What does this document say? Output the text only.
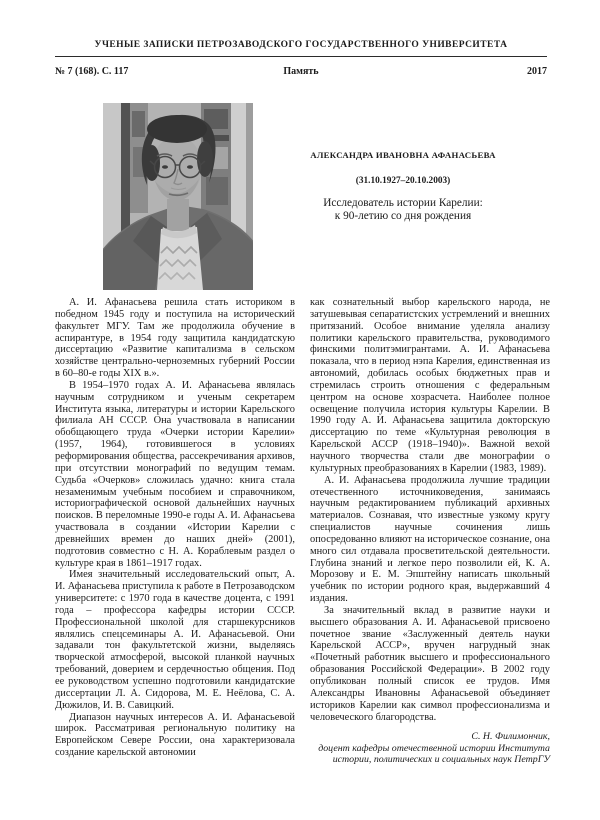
УЧЕНЫЕ ЗАПИСКИ ПЕТРОЗАВОДСКОГО ГОСУДАРСТВЕННОГО УНИВЕРСИТЕТА
№ 7 (168). С. 117	Память	2017
АЛЕКСАНДРА ИВАНОВНА АФАНАСЬЕВА
(31.10.1927–20.10.2003)
Исследователь истории Карелии:
к 90-летию со дня рождения

А. И. Афанасьева решила стать историком в победном 1945 году и поступила на исторический факультет МГУ. Там же продолжила обучение в аспирантуре, в 1954 году защитила кандидатскую диссертацию «Развитие капитализма в сельском хозяйстве центрально-черноземных губерний России в 60–80-е годы XIX в.».

В 1954–1970 годах А. И. Афанасьева являлась научным сотрудником и ученым секретарем Института языка, литературы и истории Карельского филиала АН СССР. Она участвовала в написании обобщающего труда «Очерки истории Карелии» (1957, 1964), готовившегося в условиях реформирования общества, рассекречивания архивов, при отсутствии монографий по ведущим темам. Судьба «Очерков» сложилась удачно: книга стала незаменимым учебным пособием и справочником, историографической основой дальнейших научных поисков. В переломные 1990-е годы А. И. Афанасьева участвовала в создании «Истории Карелии с древнейших времен до наших дней» (2001), подготовив совместно с Н. А. Кораблевым раздел о культуре края в 1861–1917 годах.

Имея значительный исследовательский опыт, А. И. Афанасьева приступила к работе в Петрозаводском университете: с 1970 года в качестве доцента, с 1991 года – профессора кафедры истории СССР. Профессиональной школой для старшекурсников являлись спецсеминары А. И. Афанасьевой. Они задавали тон факультетской жизни, выделяясь творческой атмосферой, высокой планкой научных требований, доверием и сердечностью общения. Под ее руководством успешно подготовили кандидатские диссертации Л. А. Сидорова, М. Е. Неёлова, С. А. Дюжилов, И. В. Савицкий.

Диапазон научных интересов А. И. Афанасьевой широк. Рассматривая региональную политику на Европейском Севере России, она характеризовала создание карельской автономии

как сознательный выбор карельского народа, не затушевывая сепаратистских устремлений и внешних притязаний. Особое внимание уделяла анализу политики карельского правительства, руководимого финскими политэмигрантами. А. И. Афанасьева показала, что в период нэпа Карелия, единственная из автономий, добилась особых бюджетных прав и стремилась строить отношения с федеральным центром на основе хозрасчета. Наиболее полное освещение получила история культуры Карелии. В 1990 году А. И. Афанасьева защитила докторскую диссертацию по теме «Культурная революция в Карельской АССР (1918–1940)». Важной вехой научного творчества стали две монографии о культурных преобразованиях в Карелии (1983, 1989).

А. И. Афанасьева продолжила лучшие традиции отечественного источниковедения, занимаясь научным редактированием публикаций архивных материалов. Сознавая, что известные узкому кругу специалистов научные сочинения лишь опосредованно влияют на историческое сознание, она много сил отдавала просветительской деятельности. Глубина знаний и легкое перо позволили ей, К. А. Морозову и Е. М. Эпштейну написать школьный учебник по истории родного края, выдержавший 4 издания.

За значительный вклад в развитие науки и высшего образования А. И. Афанасьевой присвоено почетное звание «Заслуженный деятель науки Карельской АССР», вручен нагрудный знак «Почетный работник высшего и профессионального образования Российской Федерации». В 2002 году опубликован полный список ее трудов. Имя Александры Ивановны Афанасьевой объединяет историков Карелии как символ профессионализма и человеческого благородства.

С. Н. Филимончик,
доцент кафедры отечественной истории Института
истории, политических и социальных наук ПетрГУ
